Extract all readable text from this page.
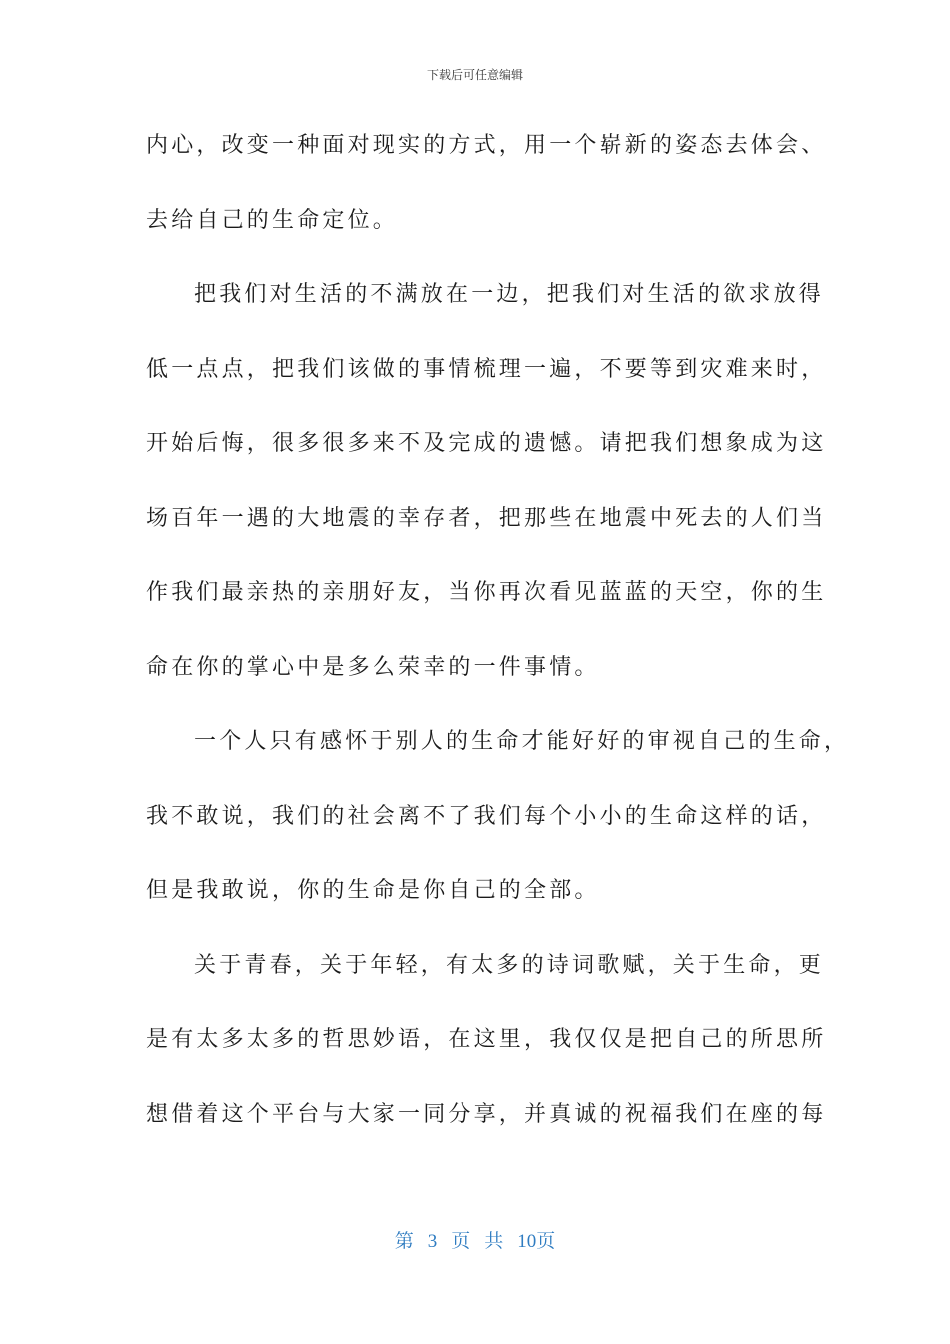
下载后可任意编辑
内心，改变一种面对现实的方式，用一个崭新的姿态去体会、
去给自己的生命定位。
把我们对生活的不满放在一边，把我们对生活的欲求放得
低一点点，把我们该做的事情梳理一遍，不要等到灾难来时，
开始后悔，很多很多来不及完成的遗憾。请把我们想象成为这
场百年一遇的大地震的幸存者，把那些在地震中死去的人们当
作我们最亲热的亲朋好友，当你再次看见蓝蓝的天空，你的生
命在你的掌心中是多么荣幸的一件事情。
一个人只有感怀于别人的生命才能好好的审视自己的生命，
我不敢说，我们的社会离不了我们每个小小的生命这样的话，
但是我敢说，你的生命是你自己的全部。
关于青春，关于年轻，有太多的诗词歌赋，关于生命，更
是有太多太多的哲思妙语，在这里，我仅仅是把自己的所思所
想借着这个平台与大家一同分享，并真诚的祝福我们在座的每
第 3 页 共 10页
